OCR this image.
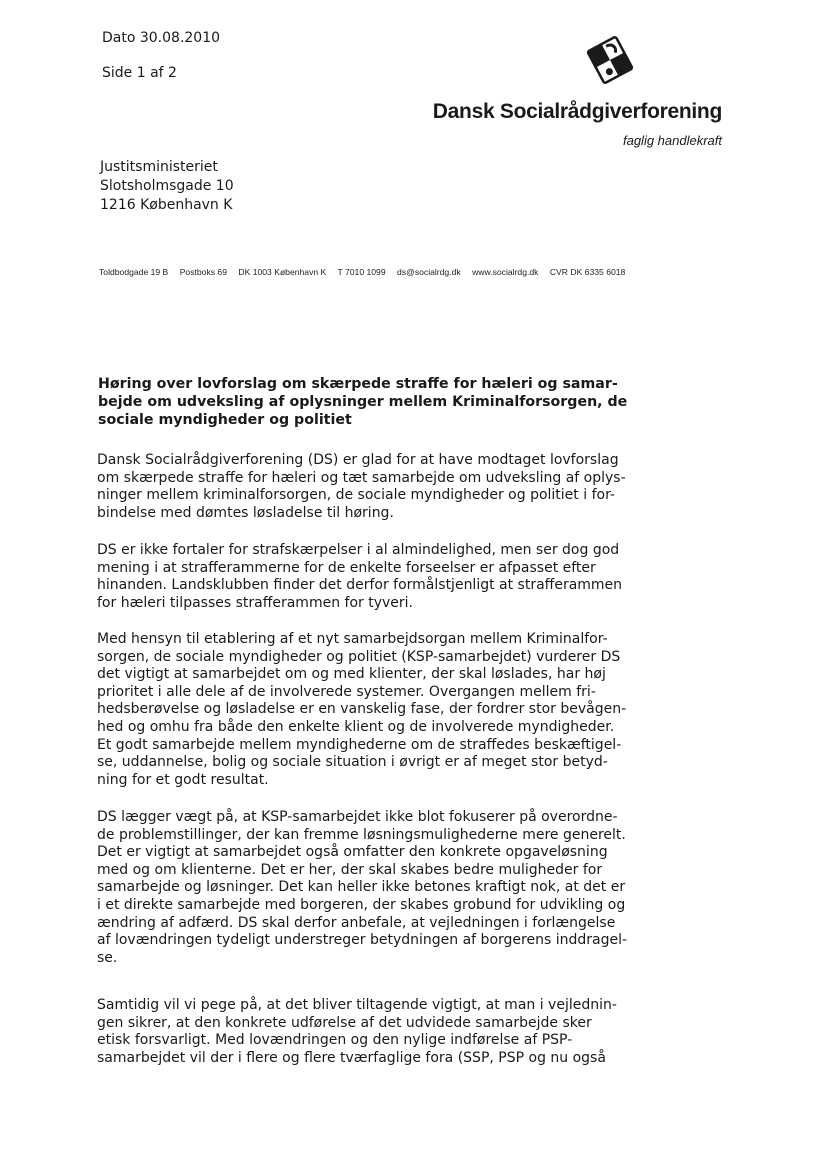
Dato 30.08.2010
Side 1 af 2
Dansk Socialrådgiverforening
faglig handlekraft
Justitsministeriet
Slotsholmsgade 10
1216 København K
Toldbodgade 19 B Postboks 69 DK 1003 København K T 7010 1099 ds@socialrdg.dk www.socialrdg.dk CVR DK 6335 6018
Høring over lovforslag om skærpede straffe for hæleri og samar-
bejde om udveksling af oplysninger mellem Kriminalforsorgen, de
sociale myndigheder og politiet
Dansk Socialrådgiverforening (DS) er glad for at have modtaget lovforslag
om skærpede straffe for hæleri og tæt samarbejde om udveksling af oplys-
ninger mellem kriminalforsorgen, de sociale myndigheder og politiet i for-
bindelse med dømtes løsladelse til høring.
DS er ikke fortaler for strafskærpelser i al almindelighed, men ser dog god
mening i at strafferammerne for de enkelte forseelser er afpasset efter
hinanden. Landsklubben finder det derfor formålstjenligt at strafferammen
for hæleri tilpasses strafferammen for tyveri.
Med hensyn til etablering af et nyt samarbejdsorgan mellem Kriminalfor-
sorgen, de sociale myndigheder og politiet (KSP-samarbejdet) vurderer DS
det vigtigt at samarbejdet om og med klienter, der skal løslades, har høj
prioritet i alle dele af de involverede systemer. Overgangen mellem fri-
hedsberøvelse og løsladelse er en vanskelig fase, der fordrer stor bevågen-
hed og omhu fra både den enkelte klient og de involverede myndigheder.
Et godt samarbejde mellem myndighederne om de straffedes beskæftigel-
se, uddannelse, bolig og sociale situation i øvrigt er af meget stor betyd-
ning for et godt resultat.
DS lægger vægt på, at KSP-samarbejdet ikke blot fokuserer på overordne-
de problemstillinger, der kan fremme løsningsmulighederne mere generelt.
Det er vigtigt at samarbejdet også omfatter den konkrete opgaveløsning
med og om klienterne. Det er her, der skal skabes bedre muligheder for
samarbejde og løsninger. Det kan heller ikke betones kraftigt nok, at det er
i et direkte samarbejde med borgeren, der skabes grobund for udvikling og
ændring af adfærd. DS skal derfor anbefale, at vejledningen i forlængelse
af lovændringen tydeligt understreger betydningen af borgerens inddragel-
se.
Samtidig vil vi pege på, at det bliver tiltagende vigtigt, at man i vejlednin-
gen sikrer, at den konkrete udførelse af det udvidede samarbejde sker
etisk forsvarligt. Med lovændringen og den nylige indførelse af PSP-
samarbejdet vil der i flere og flere tværfaglige fora (SSP, PSP og nu også
